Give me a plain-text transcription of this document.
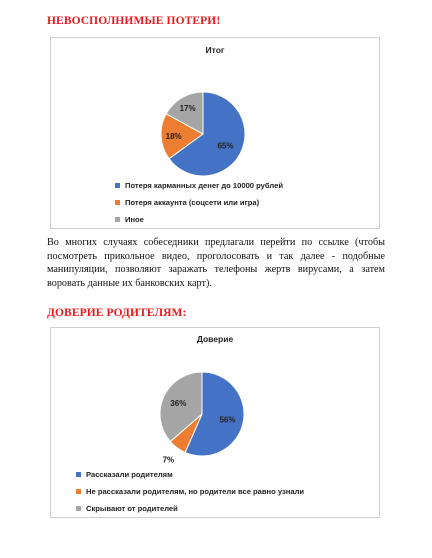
НЕВОСПОЛНИМЫЕ ПОТЕРИ!
Итог
65%
18%
17%
Потеря карманных денег до 10000 рублей
Потеря аккаунта (соцсети или игра)
Иное

Во многих случаях собеседники предлагали перейти по ссылке (чтобы посмотреть прикольное видео, проголосовать и так далее - подобные манипуляции, позволяют заражать телефоны жертв вирусами, а затем воровать данные их банковских карт).

ДОВЕРИЕ РОДИТЕЛЯМ:
Доверие
56%
7%
36%
Рассказали родителям
Не рассказали родителям, но родители все равно узнали
Скрывают от родителей
